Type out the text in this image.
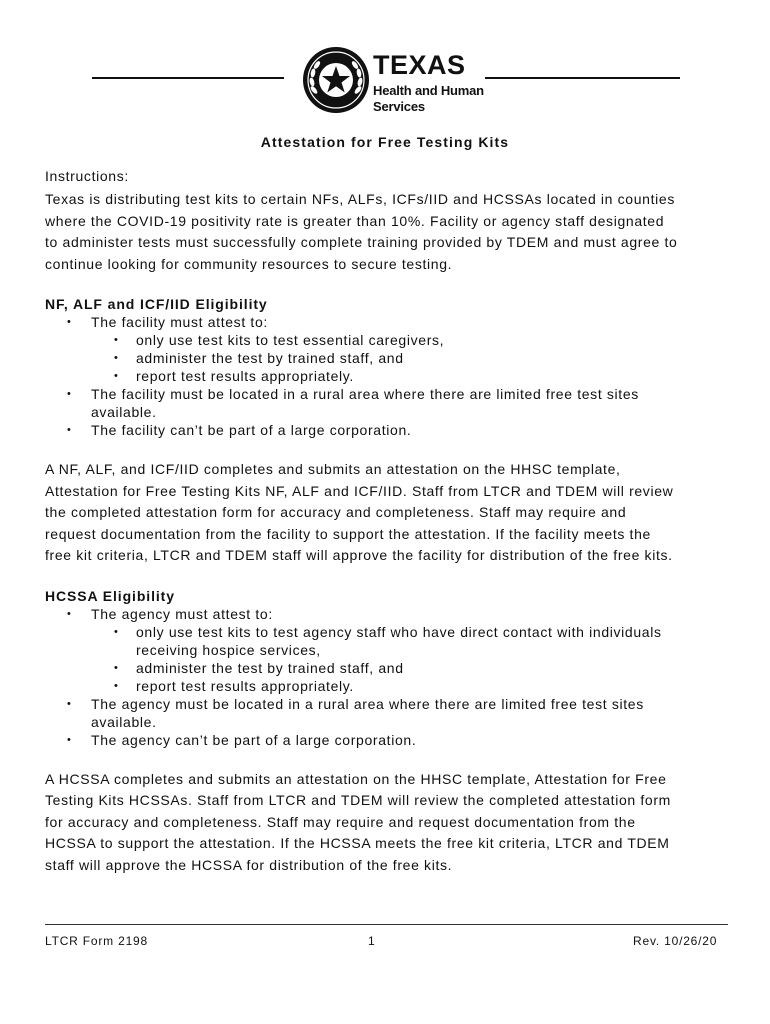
TEXAS
Health and Human
Services
Attestation for Free Testing Kits

Instructions:

Texas is distributing test kits to certain NFs, ALFs, ICFs/IID and HCSSAs located in counties
where the COVID-19 positivity rate is greater than 10%. Facility or agency staff designated
to administer tests must successfully complete training provided by TDEM and must agree to
continue looking for community resources to secure testing.

NF, ALF and ICF/IID Eligibility

• The facility must attest to:
• only use test kits to test essential caregivers,
• administer the test by trained staff, and
• report test results appropriately.
• The facility must be located in a rural area where there are limited free test sites
available.
• The facility can’t be part of a large corporation.

A NF, ALF, and ICF/IID completes and submits an attestation on the HHSC template,
Attestation for Free Testing Kits NF, ALF and ICF/IID. Staff from LTCR and TDEM will review
the completed attestation form for accuracy and completeness. Staff may require and
request documentation from the facility to support the attestation. If the facility meets the
free kit criteria, LTCR and TDEM staff will approve the facility for distribution of the free kits.

HCSSA Eligibility

• The agency must attest to:
• only use test kits to test agency staff who have direct contact with individuals
receiving hospice services,
• administer the test by trained staff, and
• report test results appropriately.
• The agency must be located in a rural area where there are limited free test sites
available.
• The agency can’t be part of a large corporation.

A HCSSA completes and submits an attestation on the HHSC template, Attestation for Free
Testing Kits HCSSAs. Staff from LTCR and TDEM will review the completed attestation form
for accuracy and completeness. Staff may require and request documentation from the
HCSSA to support the attestation. If the HCSSA meets the free kit criteria, LTCR and TDEM
staff will approve the HCSSA for distribution of the free kits.

LTCR Form 2198	1	Rev. 10/26/20
